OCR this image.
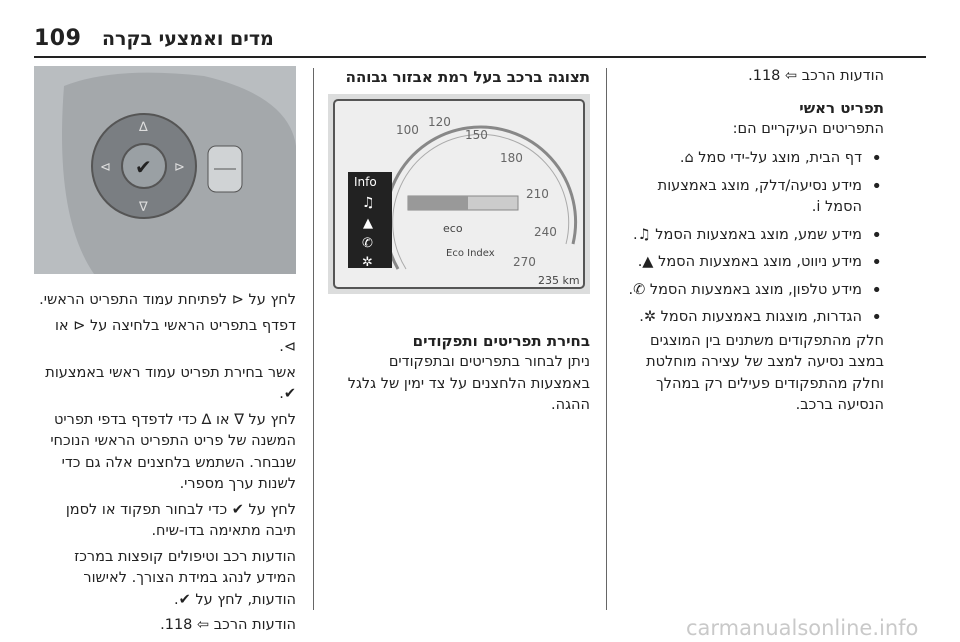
109 מדים ואמצעי בקרה

הודעות הרכב ⇦ 118.

תפריט ראשי

התפריטים העיקריים הם:

• דף הבית, מוצג על-ידי סמל ⌂.
• מידע נסיעה/דלק, מוצג באמצעות הסמל i.
• מידע שמע, מוצג באמצעות הסמל ♫.
• מידע ניווט, מוצג באמצעות הסמל ▲.
• מידע טלפון, מוצג באמצעות הסמל ✆.
• הגדרות, מוצגות באמצעות הסמל ✲.

חלק מהתפקודים משתנים בין המוצגים במצב נסיעה למצב של עצירה מוחלטת וחלק מהתפקודים פעילים רק במהלך הנסיעה ברכב.

תצוגה ברכב בעל רמת אבזור גבוהה

100
120
150
180
210
240
270
Info
♫
▲
✆
✲
eco
Eco Index
235 km

בחירת תפריטים ותפקודים

ניתן לבחור בתפריטים ובתפקודים באמצעות הלחצנים על צד ימין של גלגל ההגה.

✔
∆
∇
⊲	⊳

לחץ על ⊲ לפתיחת עמוד התפריט הראשי.

דפדף בתפריט הראשי בלחיצה על ⊲ או ⊳.

אשר בחירת תפריט עמוד ראשי באמצעות ✔.

לחץ על ∇ או ∆ כדי לדפדף בדפי תפריט המשנה של פריט התפריט הראשי הנוכחי שנבחר. השתמש בלחצנים אלה גם כדי לשנות ערך מספרי.

לחץ על ✔ כדי לבחור תפקוד או לסמן תיבה מתאימה בדו-שיח.

הודעות רכב וטיפולים קופצות במרכז המידע לנהג במידת הצורך. לאישור הודעות, לחץ על ✔.

הודעות הרכב ⇦ 118.	carmanualsonline.info
